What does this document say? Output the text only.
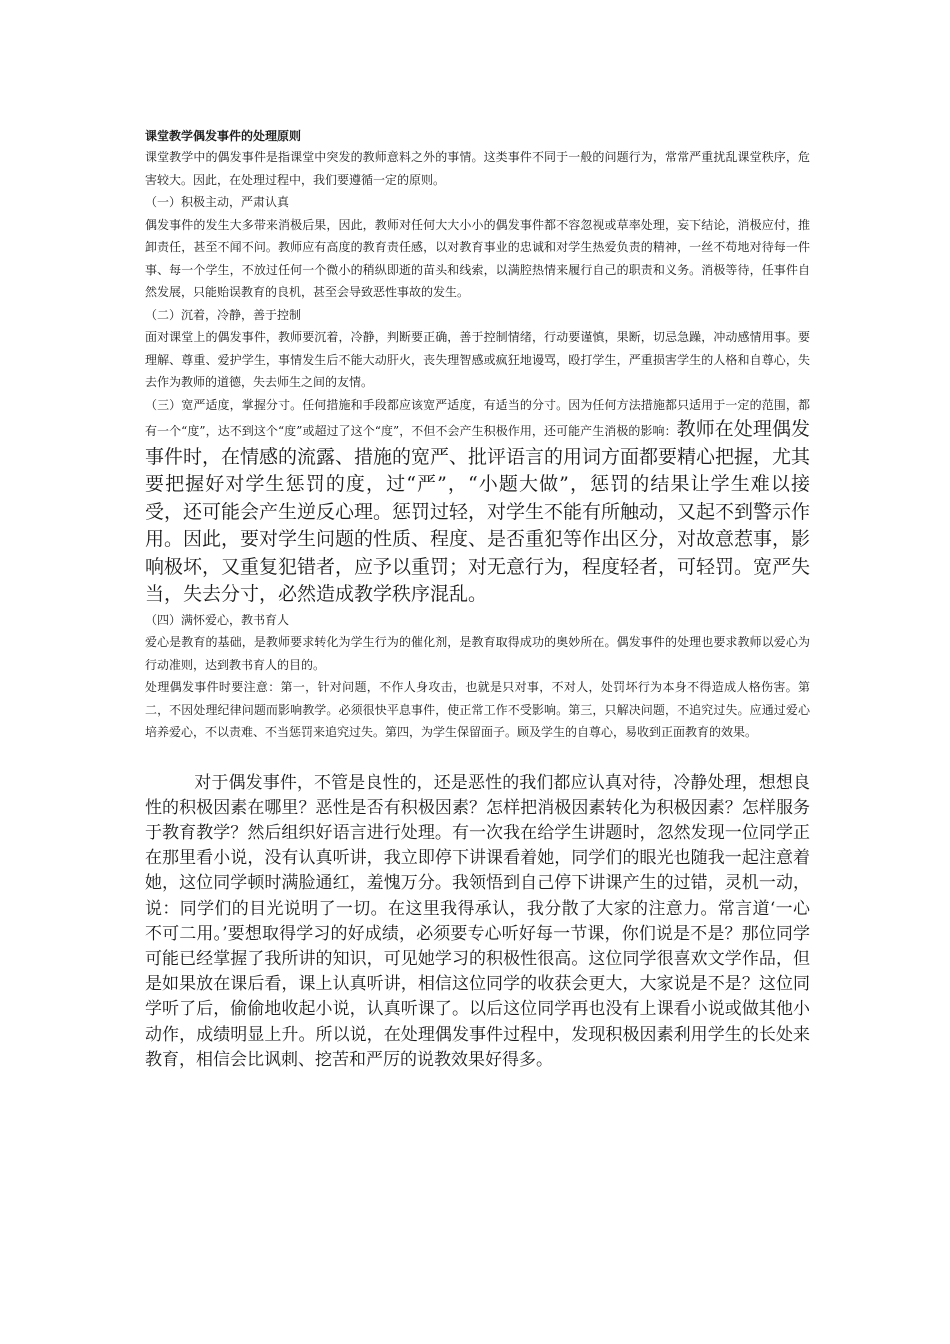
课堂教学偶发事件的处理原则

课堂教学中的偶发事件是指课堂中突发的教师意料之外的事情。这类事件不同于一般的问题行为，常常严重扰乱课堂秩序，危害较大。因此，在处理过程中，我们要遵循一定的原则。

（一）积极主动，严肃认真

偶发事件的发生大多带来消极后果，因此，教师对任何大大小小的偶发事件都不容忽视或草率处理，妄下结论，消极应付，推卸责任，甚至不闻不问。教师应有高度的教育责任感，以对教育事业的忠诚和对学生热爱负责的精神，一丝不苟地对待每一件事、每一个学生，不放过任何一个微小的稍纵即逝的苗头和线索，以满腔热情来履行自己的职责和义务。消极等待，任事件自然发展，只能贻误教育的良机，甚至会导致恶性事故的发生。

（二）沉着，冷静，善于控制

面对课堂上的偶发事件，教师要沉着，冷静，判断要正确，善于控制情绪，行动要谨慎，果断，切忌急躁，冲动感情用事。要理解、尊重、爱护学生，事情发生后不能大动肝火，丧失理智感或疯狂地谩骂，殴打学生，严重损害学生的人格和自尊心，失去作为教师的道德，失去师生之间的友情。

（三）宽严适度，掌握分寸。任何措施和手段都应该宽严适度，有适当的分寸。因为任何方法措施都只适用于一定的范围，都有一个“度”，达不到这个“度”或超过了这个“度”，不但不会产生积极作用，还可能产生消极的影响：教师在处理偶发事件时，在情感的流露、措施的宽严、批评语言的用词方面都要精心把握，尤其要把握好对学生惩罚的度，过“严”，“小题大做”，惩罚的结果让学生难以接受，还可能会产生逆反心理。惩罚过轻，对学生不能有所触动，又起不到警示作用。因此，要对学生问题的性质、程度、是否重犯等作出区分，对故意惹事，影响极坏，又重复犯错者，应予以重罚；对无意行为，程度轻者，可轻罚。宽严失当，失去分寸，必然造成教学秩序混乱。

（四）满怀爱心，教书育人

爱心是教育的基础，是教师要求转化为学生行为的催化剂，是教育取得成功的奥妙所在。偶发事件的处理也要求教师以爱心为行动准则，达到教书育人的目的。

处理偶发事件时要注意：第一，针对问题，不作人身攻击，也就是只对事，不对人，处罚坏行为本身不得造成人格伤害。第二，不因处理纪律问题而影响教学。必须很快平息事件，使正常工作不受影响。第三，只解决问题，不追究过失。应通过爱心培养爱心，不以责难、不当惩罚来追究过失。第四，为学生保留面子。顾及学生的自尊心，易收到正面教育的效果。

对于偶发事件，不管是良性的，还是恶性的我们都应认真对待，冷静处理，想想良性的积极因素在哪里？恶性是否有积极因素？怎样把消极因素转化为积极因素？怎样服务于教育教学？然后组织好语言进行处理。有一次我在给学生讲题时，忽然发现一位同学正在那里看小说，没有认真听讲，我立即停下讲课看着她，同学们的眼光也随我一起注意着她，这位同学顿时满脸通红，羞愧万分。我领悟到自己停下讲课产生的过错，灵机一动，说：同学们的目光说明了一切。在这里我得承认，我分散了大家的注意力。常言道‘一心不可二用。’要想取得学习的好成绩，必须要专心听好每一节课，你们说是不是？那位同学可能已经掌握了我所讲的知识，可见她学习的积极性很高。这位同学很喜欢文学作品，但是如果放在课后看，课上认真听讲，相信这位同学的收获会更大，大家说是不是？这位同学听了后，偷偷地收起小说，认真听课了。以后这位同学再也没有上课看小说或做其他小动作，成绩明显上升。所以说，在处理偶发事件过程中，发现积极因素利用学生的长处来教育，相信会比讽刺、挖苦和严厉的说教效果好得多。
